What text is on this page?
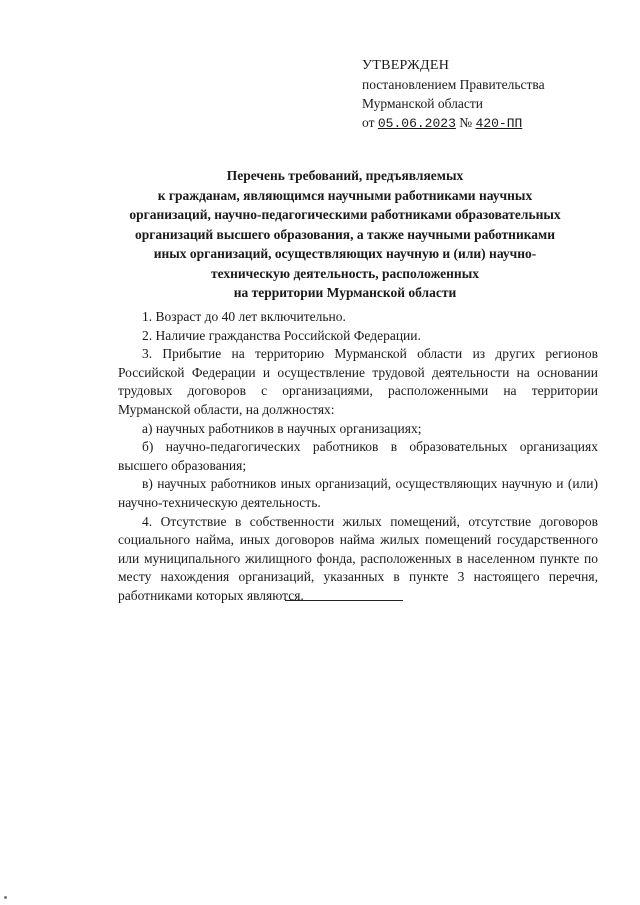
УТВЕРЖДЕН
постановлением Правительства
Мурманской области
от 05.06.2023 № 420-ПП
Перечень требований, предъявляемых
к гражданам, являющимся научными работниками научных
организаций, научно-педагогическими работниками образовательных
организаций высшего образования, а также научными работниками
иных организаций, осуществляющих научную и (или) научно-
техническую деятельность, расположенных
на территории Мурманской области

1. Возраст до 40 лет включительно.

2. Наличие гражданства Российской Федерации.

3. Прибытие на территорию Мурманской области из других регионов Российской Федерации и осуществление трудовой деятельности на основании трудовых договоров с организациями, расположенными на территории Мурманской области, на должностях:

а) научных работников в научных организациях;

б) научно-педагогических работников в образовательных организациях высшего образования;

в) научных работников иных организаций, осуществляющих научную и (или) научно-техническую деятельность.

4. Отсутствие в собственности жилых помещений, отсутствие договоров социального найма, иных договоров найма жилых помещений государственного или муниципального жилищного фонда, расположенных в населенном пункте по месту нахождения организаций, указанных в пункте 3 настоящего перечня, работниками которых являются.
